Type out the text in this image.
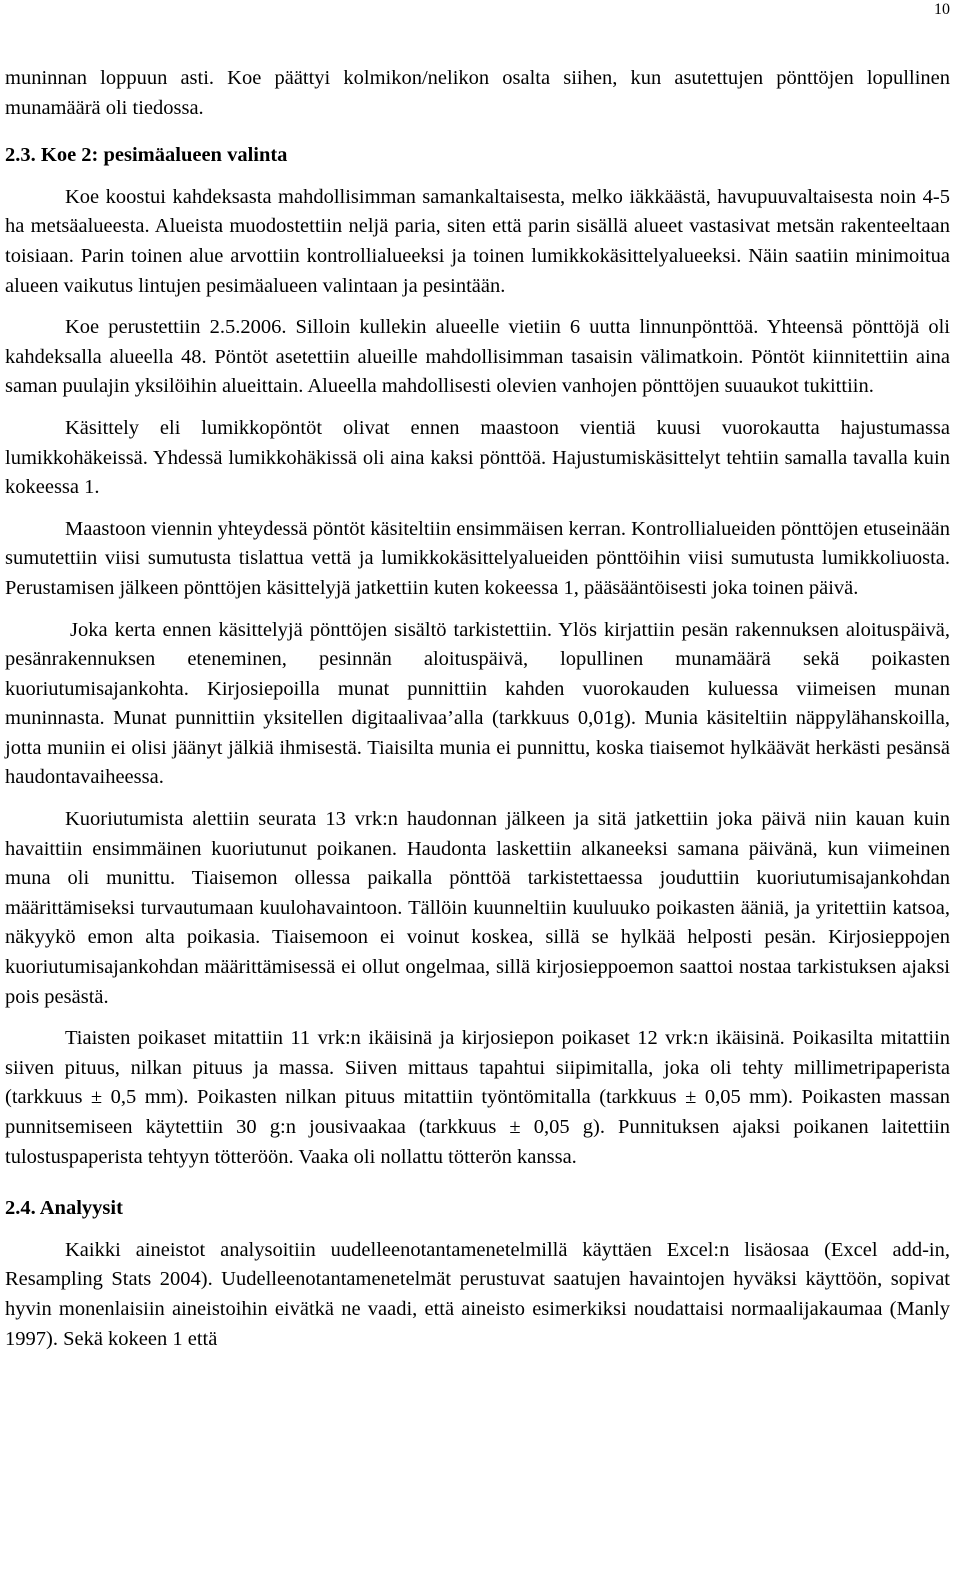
10

muninnan loppuun asti. Koe päättyi kolmikon/nelikon osalta siihen, kun asutettujen pönttöjen lopullinen munamäärä oli tiedossa.

2.3. Koe 2: pesimäalueen valinta

Koe koostui kahdeksasta mahdollisimman samankaltaisesta, melko iäkkäästä, havupuuvaltaisesta noin 4-5 ha metsäalueesta. Alueista muodostettiin neljä paria, siten että parin sisällä alueet vastasivat metsän rakenteeltaan toisiaan. Parin toinen alue arvottiin kontrollialueeksi ja toinen lumikkokäsittelyalueeksi. Näin saatiin minimoitua alueen vaikutus lintujen pesimäalueen valintaan ja pesintään.

Koe perustettiin 2.5.2006. Silloin kullekin alueelle vietiin 6 uutta linnunpönttöä. Yhteensä pönttöjä oli kahdeksalla alueella 48. Pöntöt asetettiin alueille mahdollisimman tasaisin välimatkoin. Pöntöt kiinnitettiin aina saman puulajin yksilöihin alueittain. Alueella mahdollisesti olevien vanhojen pönttöjen suuaukot tukittiin.

Käsittely eli lumikkopöntöt olivat ennen maastoon vientiä kuusi vuorokautta hajustumassa lumikkohäkeissä. Yhdessä lumikkohäkissä oli aina kaksi pönttöä. Hajustumiskäsittelyt tehtiin samalla tavalla kuin kokeessa 1.

Maastoon viennin yhteydessä pöntöt käsiteltiin ensimmäisen kerran. Kontrollialueiden pönttöjen etuseinään sumutettiin viisi sumutusta tislattua vettä ja lumikkokäsittelyalueiden pönttöihin viisi sumutusta lumikkoliuosta. Perustamisen jälkeen pönttöjen käsittelyjä jatkettiin kuten kokeessa 1, pääsääntöisesti joka toinen päivä.

Joka kerta ennen käsittelyjä pönttöjen sisältö tarkistettiin. Ylös kirjattiin pesän rakennuksen aloituspäivä, pesänrakennuksen eteneminen, pesinnän aloituspäivä, lopullinen munamäärä sekä poikasten kuoriutumisajankohta. Kirjosiepoilla munat punnittiin kahden vuorokauden kuluessa viimeisen munan muninnasta. Munat punnittiin yksitellen digitaalivaa’alla (tarkkuus 0,01g). Munia käsiteltiin näppylähanskoilla, jotta muniin ei olisi jäänyt jälkiä ihmisestä. Tiaisilta munia ei punnittu, koska tiaisemot hylkäävät herkästi pesänsä haudontavaiheessa.

Kuoriutumista alettiin seurata 13 vrk:n haudonnan jälkeen ja sitä jatkettiin joka päivä niin kauan kuin havaittiin ensimmäinen kuoriutunut poikanen. Haudonta laskettiin alkaneeksi samana päivänä, kun viimeinen muna oli munittu. Tiaisemon ollessa paikalla pönttöä tarkistettaessa jouduttiin kuoriutumisajankohdan määrittämiseksi turvautumaan kuulohavaintoon. Tällöin kuunneltiin kuuluuko poikasten ääniä, ja yritettiin katsoa, näkyykö emon alta poikasia. Tiaisemoon ei voinut koskea, sillä se hylkää helposti pesän. Kirjosieppojen kuoriutumisajankohdan määrittämisessä ei ollut ongelmaa, sillä kirjosieppoemon saattoi nostaa tarkistuksen ajaksi pois pesästä.

Tiaisten poikaset mitattiin 11 vrk:n ikäisinä ja kirjosiepon poikaset 12 vrk:n ikäisinä. Poikasilta mitattiin siiven pituus, nilkan pituus ja massa. Siiven mittaus tapahtui siipimitalla, joka oli tehty millimetripaperista (tarkkuus ± 0,5 mm). Poikasten nilkan pituus mitattiin työntömitalla (tarkkuus ± 0,05 mm). Poikasten massan punnitsemiseen käytettiin 30 g:n jousivaakaa (tarkkuus ± 0,05 g). Punnituksen ajaksi poikanen laitettiin tulostuspaperista tehtyyn tötteröön. Vaaka oli nollattu tötterön kanssa.

2.4. Analyysit

Kaikki aineistot analysoitiin uudelleenotantamenetelmillä käyttäen Excel:n lisäosaa (Excel add-in, Resampling Stats 2004). Uudelleenotantamenetelmät perustuvat saatujen havaintojen hyväksi käyttöön, sopivat hyvin monenlaisiin aineistoihin eivätkä ne vaadi, että aineisto esimerkiksi noudattaisi normaalijakaumaa (Manly 1997). Sekä kokeen 1 että
